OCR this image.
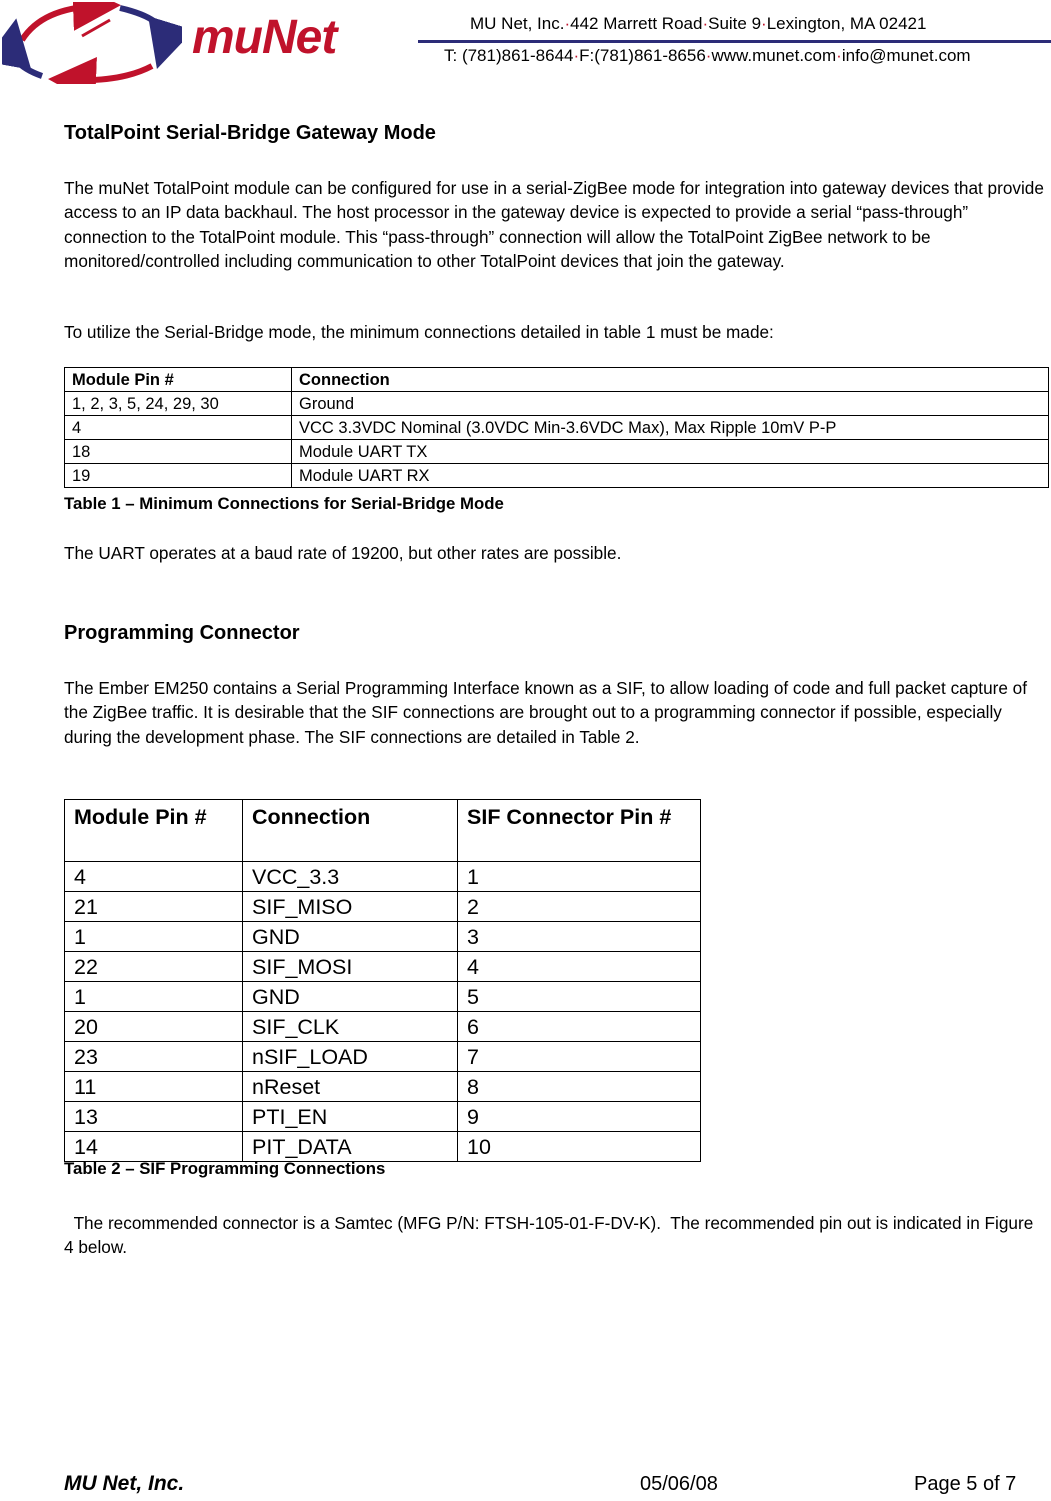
muNet	MU Net, Inc.·442 Marrett Road·Suite 9·Lexington, MA 02421
T: (781)861-8644·F:(781)861-8656·www.munet.com·info@munet.com
TotalPoint Serial-Bridge Gateway Mode

The muNet TotalPoint module can be configured for use in a serial-ZigBee mode for integration into gateway devices that provide access to an IP data backhaul. The host processor in the gateway device is expected to provide a serial “pass-through” connection to the TotalPoint module. This “pass-through” connection will allow the TotalPoint ZigBee network to be monitored/controlled including communication to other TotalPoint devices that join the gateway.

To utilize the Serial-Bridge mode, the minimum connections detailed in table 1 must be made:

Module Pin #	Connection
1, 2, 3, 5, 24, 29, 30	Ground
4	VCC 3.3VDC Nominal (3.0VDC Min-3.6VDC Max), Max Ripple 10mV P-P
18	Module UART TX
19	Module UART RX
Table 1 – Minimum Connections for Serial-Bridge Mode

The UART operates at a baud rate of 19200, but other rates are possible.

Programming Connector

The Ember EM250 contains a Serial Programming Interface known as a SIF, to allow loading of code and full packet capture of the ZigBee traffic. It is desirable that the SIF connections are brought out to a programming connector if possible, especially during the development phase. The SIF connections are detailed in Table 2.

Module Pin #	Connection	SIF Connector Pin #
4	VCC_3.3	1
21	SIF_MISO	2
1	GND	3
22	SIF_MOSI	4
1	GND	5
20	SIF_CLK	6
23	nSIF_LOAD	7
11	nReset	8
13	PTI_EN	9
14	PIT_DATA	10
Table 2 – SIF Programming Connections

The recommended connector is a Samtec (MFG P/N: FTSH-105-01-F-DV-K).  The recommended pin out is indicated in Figure 4 below.

MU Net, Inc.	05/06/08	Page 5 of 7
